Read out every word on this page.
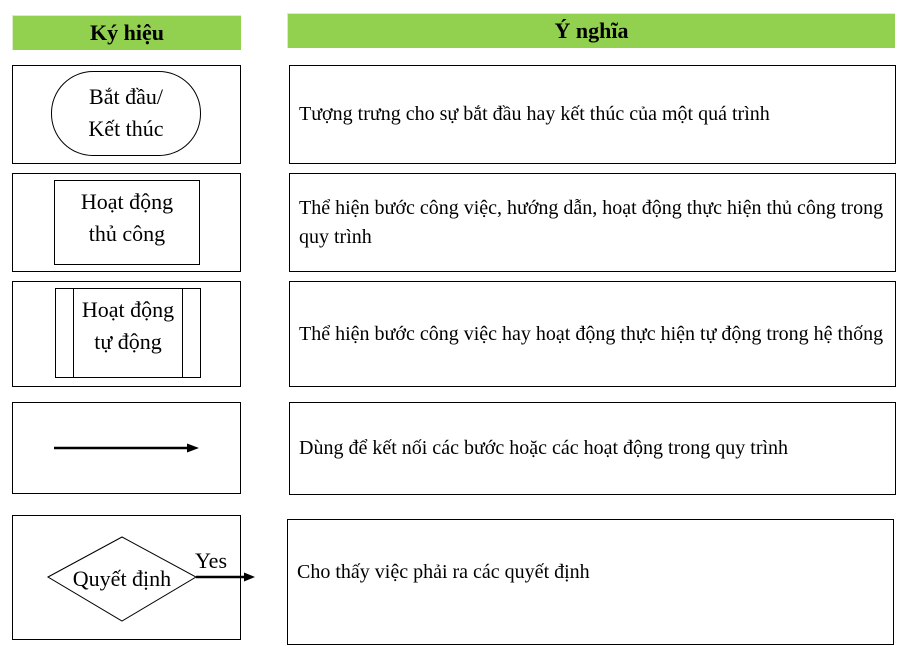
Ký hiệu	Ý nghĩa
Bắt đầu/
Kết thúc
Tượng trưng cho sự bắt đầu hay kết thúc của một quá trình
Hoạt động
thủ công
Thể hiện bước công việc, hướng dẫn, hoạt động thực hiện thủ công trong quy trình
Hoạt động
tự động	Thể hiện bước công việc hay hoạt động thực hiện tự động trong hệ thống
Dùng để kết nối các bước hoặc các hoạt động trong quy trình
Cho thấy việc phải ra các quyết định
Quyết định
Yes
